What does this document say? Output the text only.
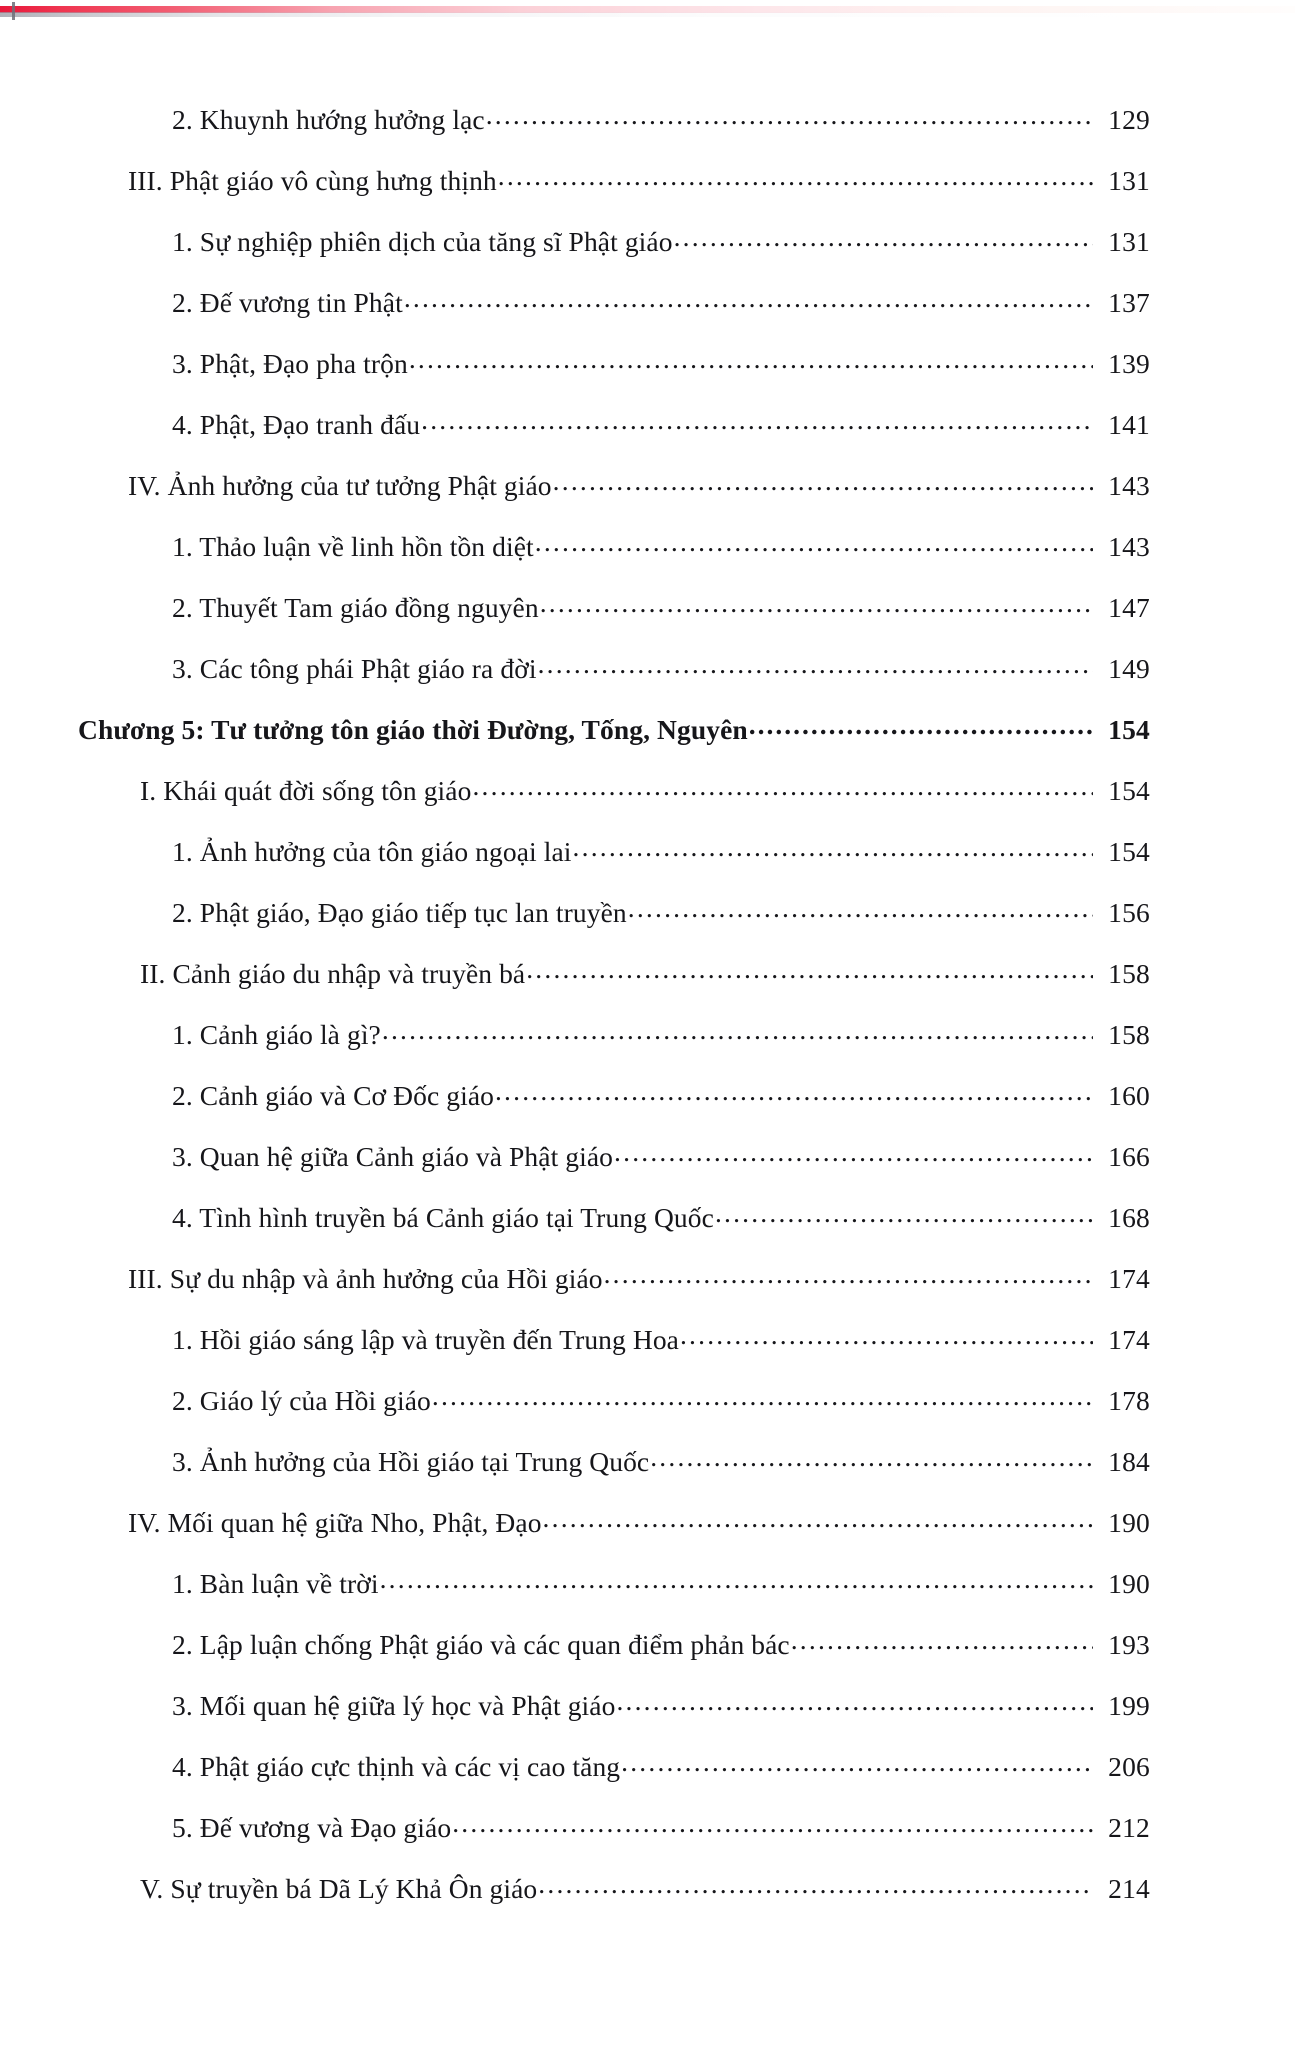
2. Khuynh hướng hưởng lạc .....	129
III. Phật giáo vô cùng hưng thịnh .....	131
1. Sự nghiệp phiên dịch của tăng sĩ Phật giáo .....	131
2. Đế vương tin Phật .....	137
3. Phật, Đạo pha trộn .....	139
4. Phật, Đạo tranh đấu .....	141
IV. Ảnh hưởng của tư tưởng Phật giáo .....	143
1. Thảo luận về linh hồn tồn diệt .....	143
2. Thuyết Tam giáo đồng nguyên .....	147
3. Các tông phái Phật giáo ra đời .....	149
Chương 5: Tư tưởng tôn giáo thời Đường, Tống, Nguyên .....	154
I. Khái quát đời sống tôn giáo .....	154
1. Ảnh hưởng của tôn giáo ngoại lai .....	154
2. Phật giáo, Đạo giáo tiếp tục lan truyền .....	156
II. Cảnh giáo du nhập và truyền bá .....	158
1. Cảnh giáo là gì? .....	158
2. Cảnh giáo và Cơ Đốc giáo .....	160
3. Quan hệ giữa Cảnh giáo và Phật giáo .....	166
4. Tình hình truyền bá Cảnh giáo tại Trung Quốc .....	168
III. Sự du nhập và ảnh hưởng của Hồi giáo .....	174
1. Hồi giáo sáng lập và truyền đến Trung Hoa .....	174
2. Giáo lý của Hồi giáo .....	178
3. Ảnh hưởng của Hồi giáo tại Trung Quốc .....	184
IV. Mối quan hệ giữa Nho, Phật, Đạo .....	190
1. Bàn luận về trời .....	190
2. Lập luận chống Phật giáo và các quan điểm phản bác .....	193
3. Mối quan hệ giữa lý học và Phật giáo .....	199
4. Phật giáo cực thịnh và các vị cao tăng .....	206
5. Đế vương và Đạo giáo .....	212
V. Sự truyền bá Dã Lý Khả Ôn giáo .....	214
